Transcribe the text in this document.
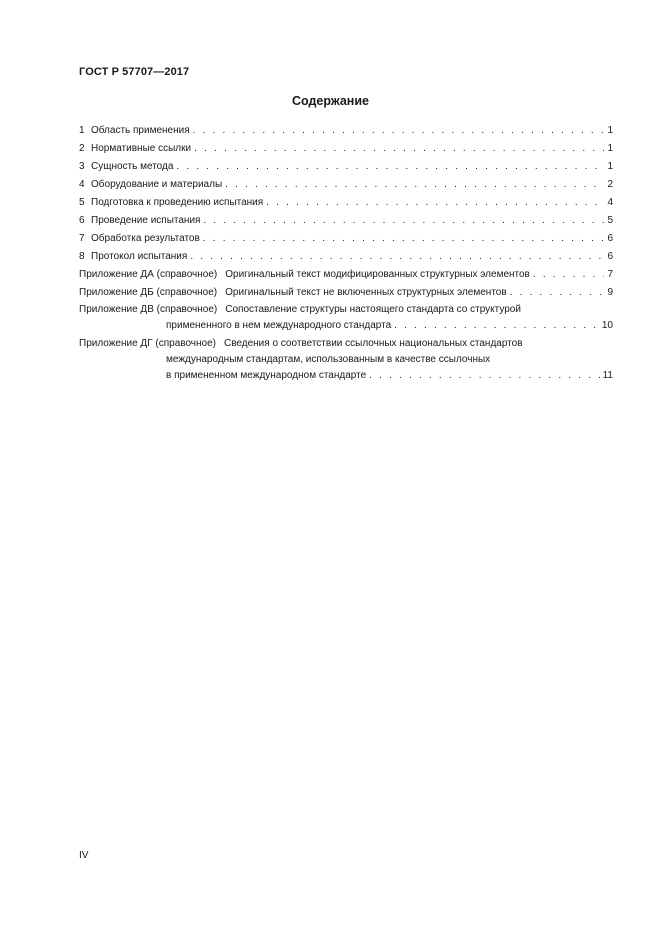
ГОСТ Р 57707—2017
Содержание
1 Область применения . . .	1
2 Нормативные ссылки . . .	1
3 Сущность метода . . .	1
4 Оборудование и материалы . . .	2
5 Подготовка к проведению испытания . . .	4
6 Проведение испытания . . .	5
7 Обработка результатов . . .	6
8 Протокол испытания . . .	6
Приложение ДА (справочное) Оригинальный текст модифицированных структурных элементов . . .	7
Приложение ДБ (справочное) Оригинальный текст не включенных структурных элементов . . .	9
Приложение ДВ (справочное) Сопоставление структуры настоящего стандарта со структурой
примененного в нем международного стандарта . . .	10
Приложение ДГ (справочное) Сведения о соответствии ссылочных национальных стандартов
международным стандартам, использованным в качестве ссылочных
в примененном международном стандарте . . .	11
IV
